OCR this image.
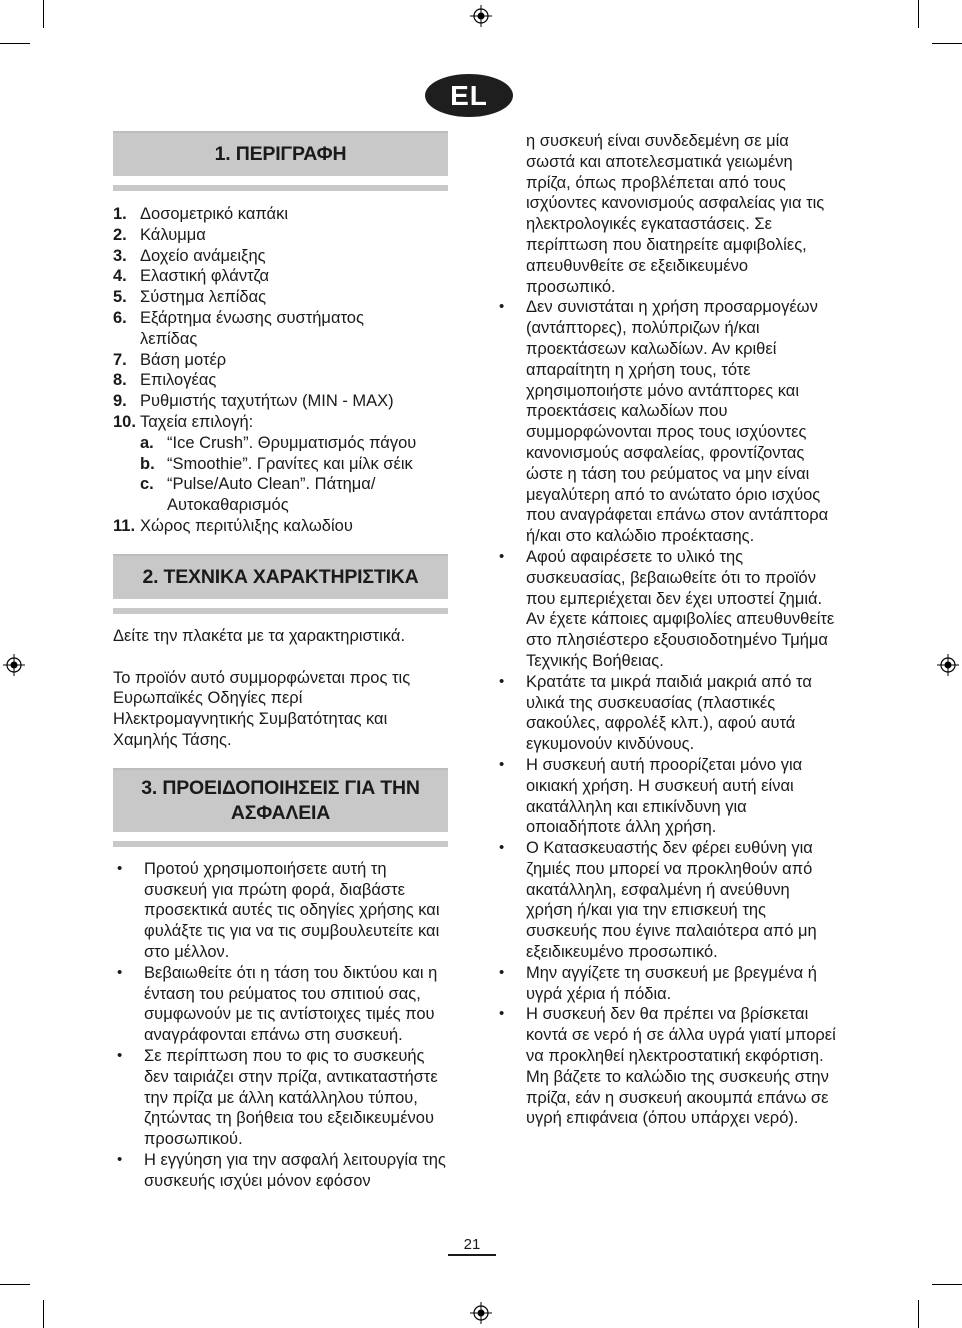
EL
1. ΠΕΡΙΓΡΑΦΗ
1. Δοσομετρικό καπάκι
2. Κάλυμμα
3. Δοχείο ανάμειξης
4. Ελαστική φλάντζα
5. Σύστημα λεπίδας
6. Εξάρτημα ένωσης συστήματος λεπίδας
7. Βάση μοτέρ
8. Επιλογέας
9. Ρυθμιστής ταχυτήτων (MIN - MAX)
10. Ταχεία επιλογή:
a. “Ice Crush”. Θρυμματισμός πάγου
b. “Smoothie”. Γρανίτες και μίλκ σέικ
c. “Pulse/Auto Clean”. Πάτημα/ Αυτοκαθαρισμός
11. Χώρος περιτύλιξης καλωδίου
2. ΤΕΧΝΙΚΑ ΧΑΡΑΚΤΗΡΙΣΤΙΚΑ

Δείτε την πλακέτα με τα χαρακτηριστικά.

Το προϊόν αυτό συμμορφώνεται προς τις Ευρωπαϊκές Οδηγίες περί Ηλεκτρομαγνητικής Συμβατότητας και Χαμηλής Τάσης.

3. ΠΡΟΕΙΔΟΠΟΙΗΣΕΙΣ ΓΙΑ ΤΗΝ
ΑΣΦΑΛΕΙΑ
• Προτού χρησιμοποιήσετε αυτή τη συσκευή για πρώτη φορά, διαβάστε προσεκτικά αυτές τις οδηγίες χρήσης και φυλάξτε τις για να τις συμβουλευτείτε και στο μέλλον.
• Βεβαιωθείτε ότι η τάση του δικτύου και η ένταση του ρεύματος του σπιτιού σας, συμφωνούν με τις αντίστοιχες τιμές που αναγράφονται επάνω στη συσκευή.
• Σε περίπτωση που το φις το συσκευής δεν ταιριάζει στην πρίζα, αντικαταστήστε την πρίζα με άλλη κατάλληλου τύπου, ζητώντας τη βοήθεια του εξειδικευμένου προσωπικού.
• Η εγγύηση για την ασφαλή λειτουργία της συσκευής ισχύει μόνον εφόσον

η συσκευή είναι συνδεδεμένη σε μία σωστά και αποτελεσματικά γειωμένη πρίζα, όπως προβλέπεται από τους ισχύοντες κανονισμούς ασφαλείας για τις ηλεκτρολογικές εγκαταστάσεις. Σε περίπτωση που διατηρείτε αμφιβολίες, απευθυνθείτε σε εξειδικευμένο προσωπικό.

• Δεν συνιστάται η χρήση προσαρμογέων (αντάπτορες), πολύπριζων ή/και προεκτάσεων καλωδίων. Αν κριθεί απαραίτητη η χρήση τους, τότε χρησιμοποιήστε μόνο αντάπτορες και προεκτάσεις καλωδίων που συμμορφώνονται προς τους ισχύοντες κανονισμούς ασφαλείας, φροντίζοντας ώστε η τάση του ρεύματος να μην είναι μεγαλύτερη από το ανώτατο όριο ισχύος που αναγράφεται επάνω στον αντάπτορα ή/και στο καλώδιο προέκτασης.
• Αφού αφαιρέσετε το υλικό της συσκευασίας, βεβαιωθείτε ότι το προϊόν που εμπεριέχεται δεν έχει υποστεί ζημιά. Αν έχετε κάποιες αμφιβολίες απευθυνθείτε στο πλησιέστερο εξουσιοδοτημένο Τμήμα Τεχνικής Βοήθειας.
• Κρατάτε τα μικρά παιδιά μακριά από τα υλικά της συσκευασίας (πλαστικές σακούλες, αφρολέξ κλπ.), αφού αυτά εγκυμονούν κινδύνους.
• Η συσκευή αυτή προορίζεται μόνο για οικιακή χρήση. Η συσκευή αυτή είναι ακατάλληλη και επικίνδυνη για οποιαδήποτε άλλη χρήση.
• Ο Κατασκευαστής δεν φέρει ευθύνη για ζημιές που μπορεί να προκληθούν από ακατάλληλη, εσφαλμένη ή ανεύθυνη χρήση ή/και για την επισκευή της συσκευής που έγινε παλαιότερα από μη εξειδικευμένο προσωπικό.
• Μην αγγίζετε τη συσκευή με βρεγμένα ή υγρά χέρια ή πόδια.
• Η συσκευή δεν θα πρέπει να βρίσκεται κοντά σε νερό ή σε άλλα υγρά γιατί μπορεί να προκληθεί ηλεκτροστατική εκφόρτιση. Μη βάζετε το καλώδιο της συσκευής στην πρίζα, εάν η συσκευή ακουμπά επάνω σε υγρή επιφάνεια (όπου υπάρχει νερό).
21
